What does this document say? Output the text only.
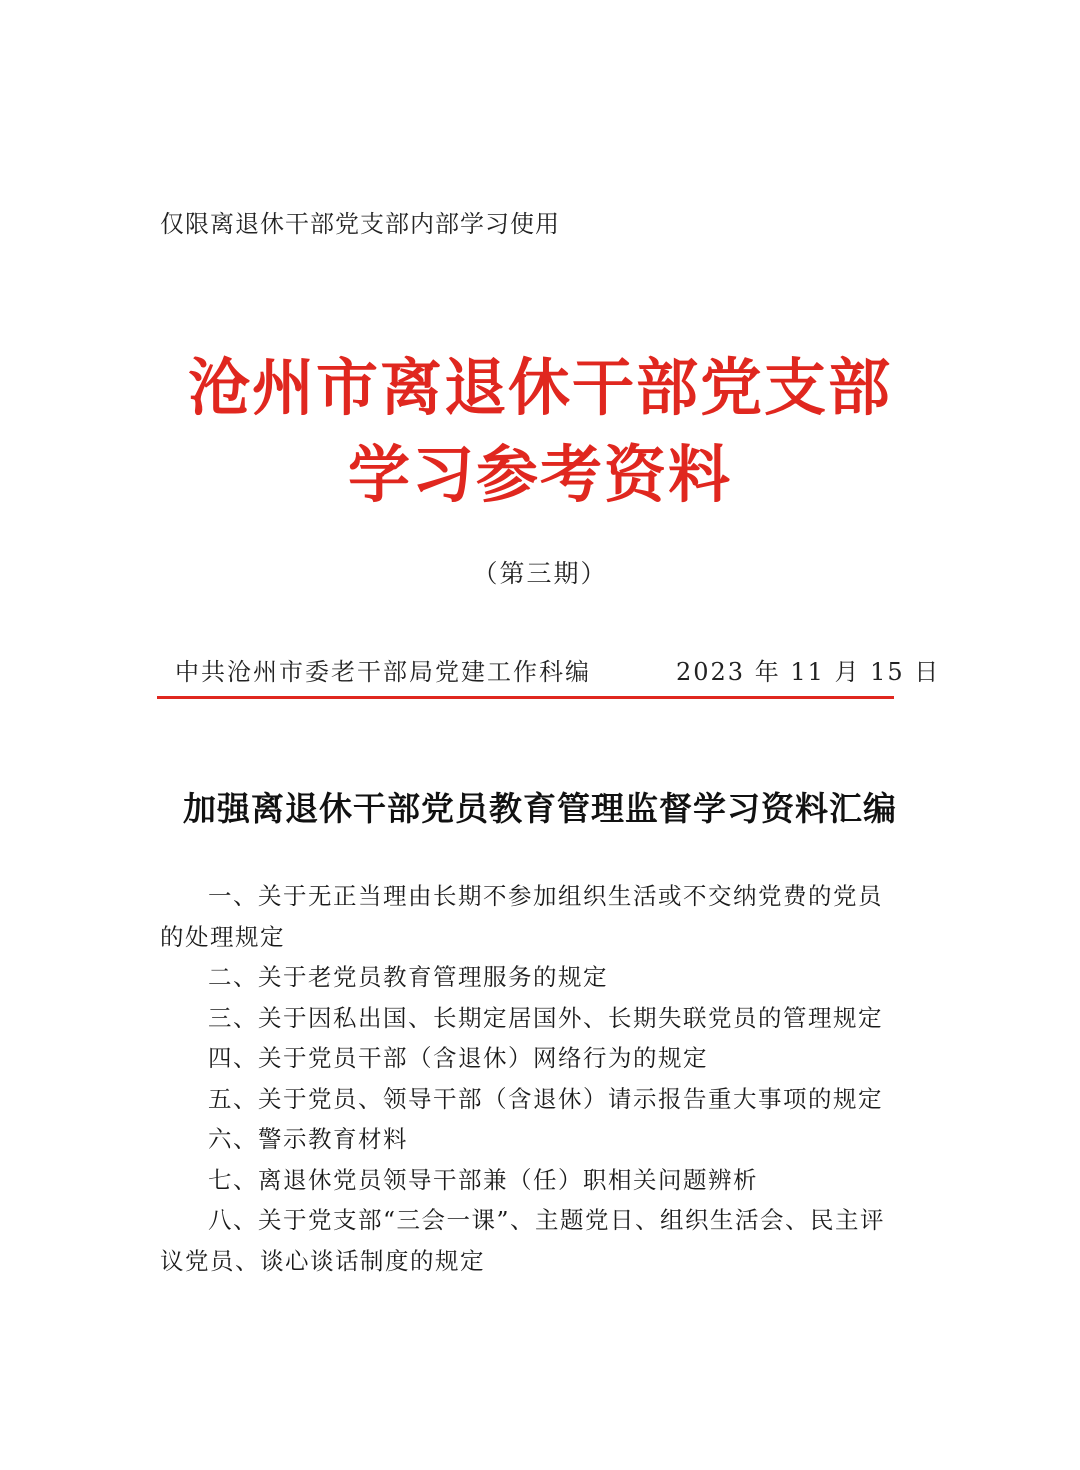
仅限离退休干部党支部内部学习使用
沧州市离退休干部党支部
学习参考资料
（第三期）
中共沧州市委老干部局党建工作科编	2023 年 11 月 15 日
加强离退休干部党员教育管理监督学习资料汇编
一、关于无正当理由长期不参加组织生活或不交纳党费的党员的处理规定
二、关于老党员教育管理服务的规定
三、关于因私出国、长期定居国外、长期失联党员的管理规定
四、关于党员干部（含退休）网络行为的规定
五、关于党员、领导干部（含退休）请示报告重大事项的规定
六、警示教育材料
七、离退休党员领导干部兼（任）职相关问题辨析
八、关于党支部“三会一课”、主题党日、组织生活会、民主评议党员、谈心谈话制度的规定
